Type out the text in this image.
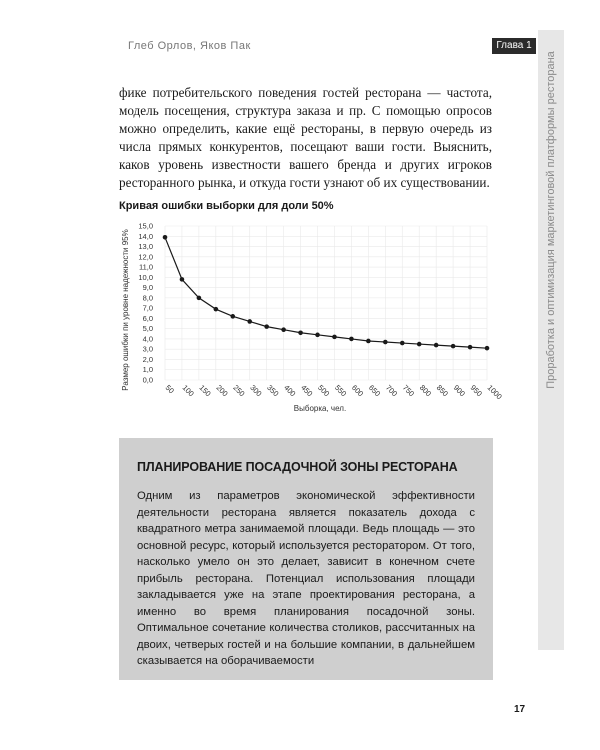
Глеб Орлов, Яков Пак	Глава 1
Проработка и оптимизация маркетинговой платформы ресторана

фике потребительского поведения гостей ресторана — частота, модель посещения, структура заказа и пр. С помощью опросов можно определить, какие ещё рестораны, в первую очередь из числа прямых конкурентов, посещают ваши гости. Выяснить, каков уровень известности вашего бренда и других игроков ресторанного рынка, и откуда гости узнают об их существовании.

Кривая ошибки выборки для доли 50%
0,0
1,0
2,0
3,0
4,0
5,0
6,0
7,0
8,0
9,0
10,0
11,0
12,0
13,0
14,0
15,0
50 100 150 200 250 300 350 400 450 500 550 600 650 700 750 800 850 900 950 1000
Размер ошибки пи уровне надежности 95%
Выборка, чел.
ПЛАНИРОВАНИЕ ПОСАДОЧНОЙ ЗОНЫ РЕСТОРАНА

Одним из параметров экономической эффективности деятельности ресторана является показатель дохода с квадратного метра занимаемой площади. Ведь площадь — это основной ресурс, который используется ресторатором. От того, насколько умело он это делает, зависит в конечном счете прибыль ресторана. Потенциал использования площади закладывается уже на этапе проектирования ресторана, а именно во время планирования посадочной зоны. Оптимальное сочетание количества столиков, рассчитанных на двоих, четверых гостей и на большие компании, в дальнейшем сказывается на оборачиваемости

17
